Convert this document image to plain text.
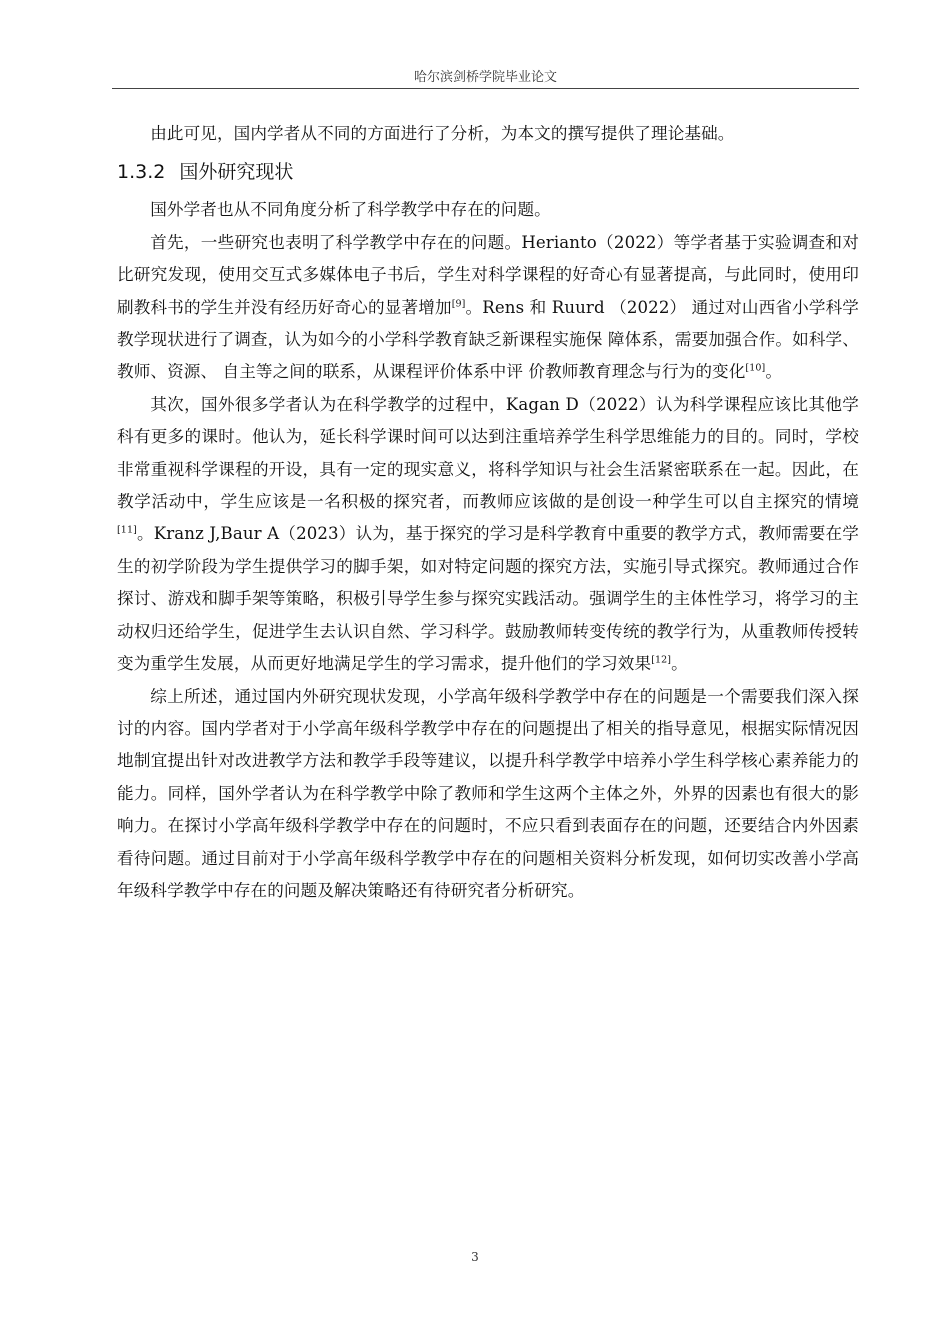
哈尔滨剑桥学院毕业论文

由此可见，国内学者从不同的方面进行了分析，为本文的撰写提供了理论基础。

1.3.2 国外研究现状

国外学者也从不同角度分析了科学教学中存在的问题。

首先，一些研究也表明了科学教学中存在的问题。Herianto（2022）等学者基于实验调查和对比研究发现，使用交互式多媒体电子书后，学生对科学课程的好奇心有显著提高，与此同时，使用印刷教科书的学生并没有经历好奇心的显著增加[9]。Rens 和 Ruurd （2022） 通过对山西省小学科学教学现状进行了调查，认为如今的小学科学教育缺乏新课程实施保 障体系，需要加强合作。如科学、教师、资源、 自主等之间的联系，从课程评价体系中评 价教师教育理念与行为的变化[10]。

其次，国外很多学者认为在科学教学的过程中，Kagan D（2022）认为科学课程应该比其他学科有更多的课时。他认为，延长科学课时间可以达到注重培养学生科学思维能力的目的。同时，学校非常重视科学课程的开设，具有一定的现实意义，将科学知识与社会生活紧密联系在一起。因此，在教学活动中，学生应该是一名积极的探究者，而教师应该做的是创设一种学生可以自主探究的情境[11]。Kranz J,Baur A（2023）认为，基于探究的学习是科学教育中重要的教学方式，教师需要在学生的初学阶段为学生提供学习的脚手架，如对特定问题的探究方法，实施引导式探究。教师通过合作探讨、游戏和脚手架等策略，积极引导学生参与探究实践活动。强调学生的主体性学习，将学习的主动权归还给学生，促进学生去认识自然、学习科学。鼓励教师转变传统的教学行为，从重教师传授转变为重学生发展，从而更好地满足学生的学习需求，提升他们的学习效果[12]。

综上所述，通过国内外研究现状发现，小学高年级科学教学中存在的问题是一个需要我们深入探讨的内容。国内学者对于小学高年级科学教学中存在的问题提出了相关的指导意见，根据实际情况因地制宜提出针对改进教学方法和教学手段等建议，以提升科学教学中培养小学生科学核心素养能力的能力。同样，国外学者认为在科学教学中除了教师和学生这两个主体之外，外界的因素也有很大的影响力。在探讨小学高年级科学教学中存在的问题时，不应只看到表面存在的问题，还要结合内外因素看待问题。通过目前对于小学高年级科学教学中存在的问题相关资料分析发现，如何切实改善小学高年级科学教学中存在的问题及解决策略还有待研究者分析研究。

3
